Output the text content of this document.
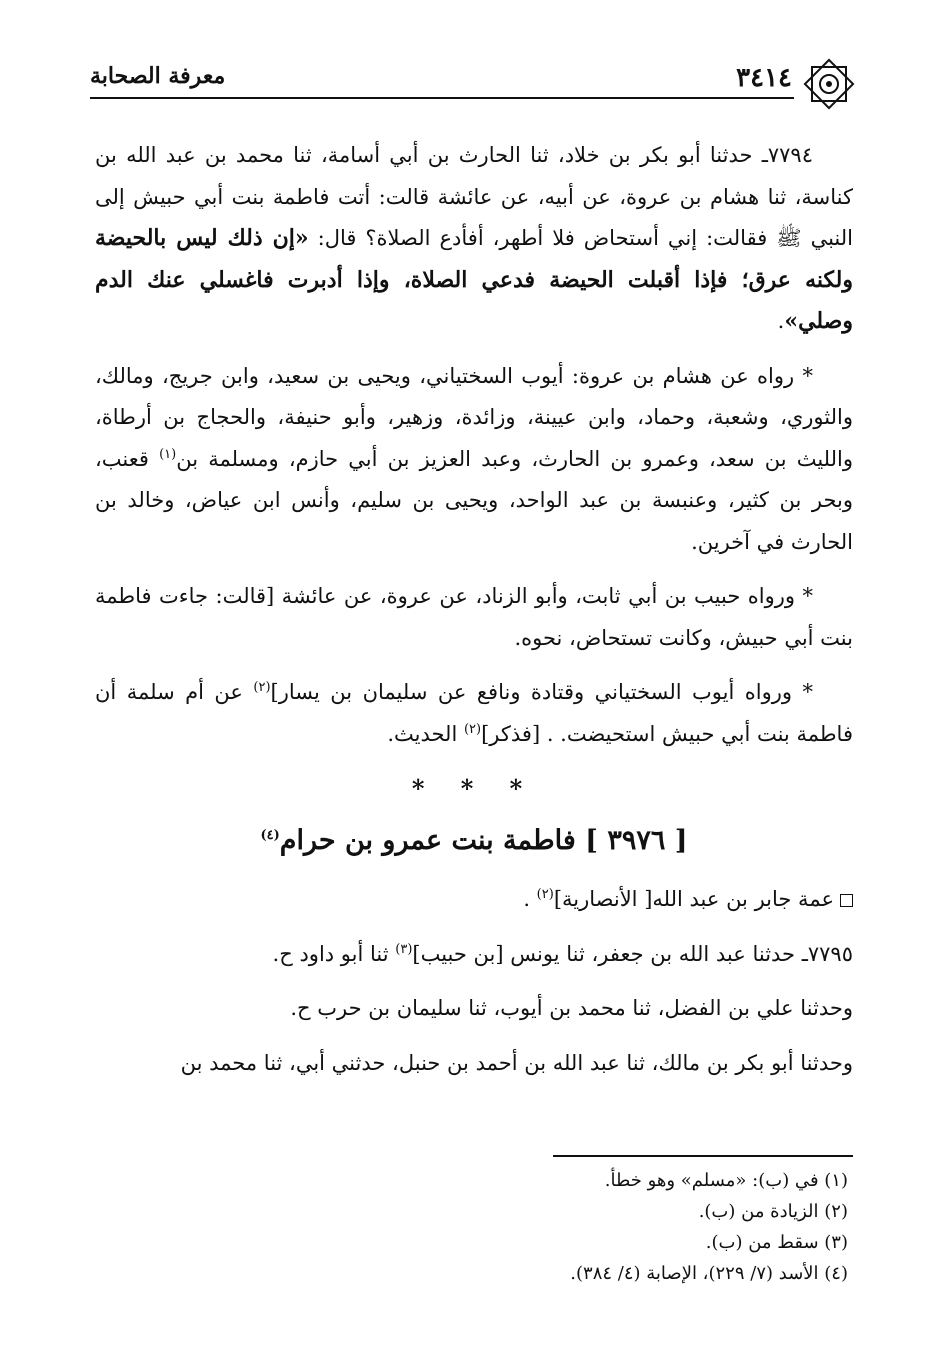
٣٤١٤
معرفة الصحابة

٧٧٩٤ـ حدثنا أبو بكر بن خلاد، ثنا الحارث بن أبي أسامة، ثنا محمد بن عبد الله بن كناسة، ثنا هشام بن عروة، عن أبيه، عن عائشة قالت: أتت فاطمة بنت أبي حبيش إلى النبي ﷺ فقالت: إني أستحاض فلا أطهر، أفأدع الصلاة؟ قال: «إن ذلك ليس بالحيضة ولكنه عرق؛ فإذا أقبلت الحيضة فدعي الصلاة، وإذا أدبرت فاغسلي عنك الدم وصلي».

* رواه عن هشام بن عروة: أيوب السختياني، ويحيى بن سعيد، وابن جريج، ومالك، والثوري، وشعبة، وحماد، وابن عيينة، وزائدة، وزهير، وأبو حنيفة، والحجاج بن أرطاة، والليث بن سعد، وعمرو بن الحارث، وعبد العزيز بن أبي حازم، ومسلمة بن$^{(١)}$ قعنب، وبحر بن كثير، وعنبسة بن عبد الواحد، ويحيى بن سليم، وأنس ابن عياض، وخالد بن الحارث في آخرين.

* ورواه حبيب بن أبي ثابت، وأبو الزناد، عن عروة، عن عائشة [قالت: جاءت فاطمة بنت أبي حبيش، وكانت تستحاض، نحوه.

* ورواه أيوب السختياني وقتادة ونافع عن سليمان بن يسار]$^{(٢)}$ عن أم سلمة أن فاطمة بنت أبي حبيش استحيضت. . [فذكر]$^{(٢)}$ الحديث.

* * *
[ ٣٩٧٦ ] فاطمة بنت عمرو بن حرام$^{(٤)}$

عمة جابر بن عبد الله[ الأنصارية]$^{(٢)}$ .

٧٧٩٥ـ حدثنا عبد الله بن جعفر، ثنا يونس [بن حبيب]$^{(٣)}$ ثنا أبو داود ح.

وحدثنا علي بن الفضل، ثنا محمد بن أيوب، ثنا سليمان بن حرب ح.

وحدثنا أبو بكر بن مالك، ثنا عبد الله بن أحمد بن حنبل، حدثني أبي، ثنا محمد بن

(١) في (ب): «مسلم» وهو خطأ.

(٢) الزيادة من (ب).

(٣) سقط من (ب).

(٤) الأسد (٧/ ٢٢٩)، الإصابة (٤/ ٣٨٤).
